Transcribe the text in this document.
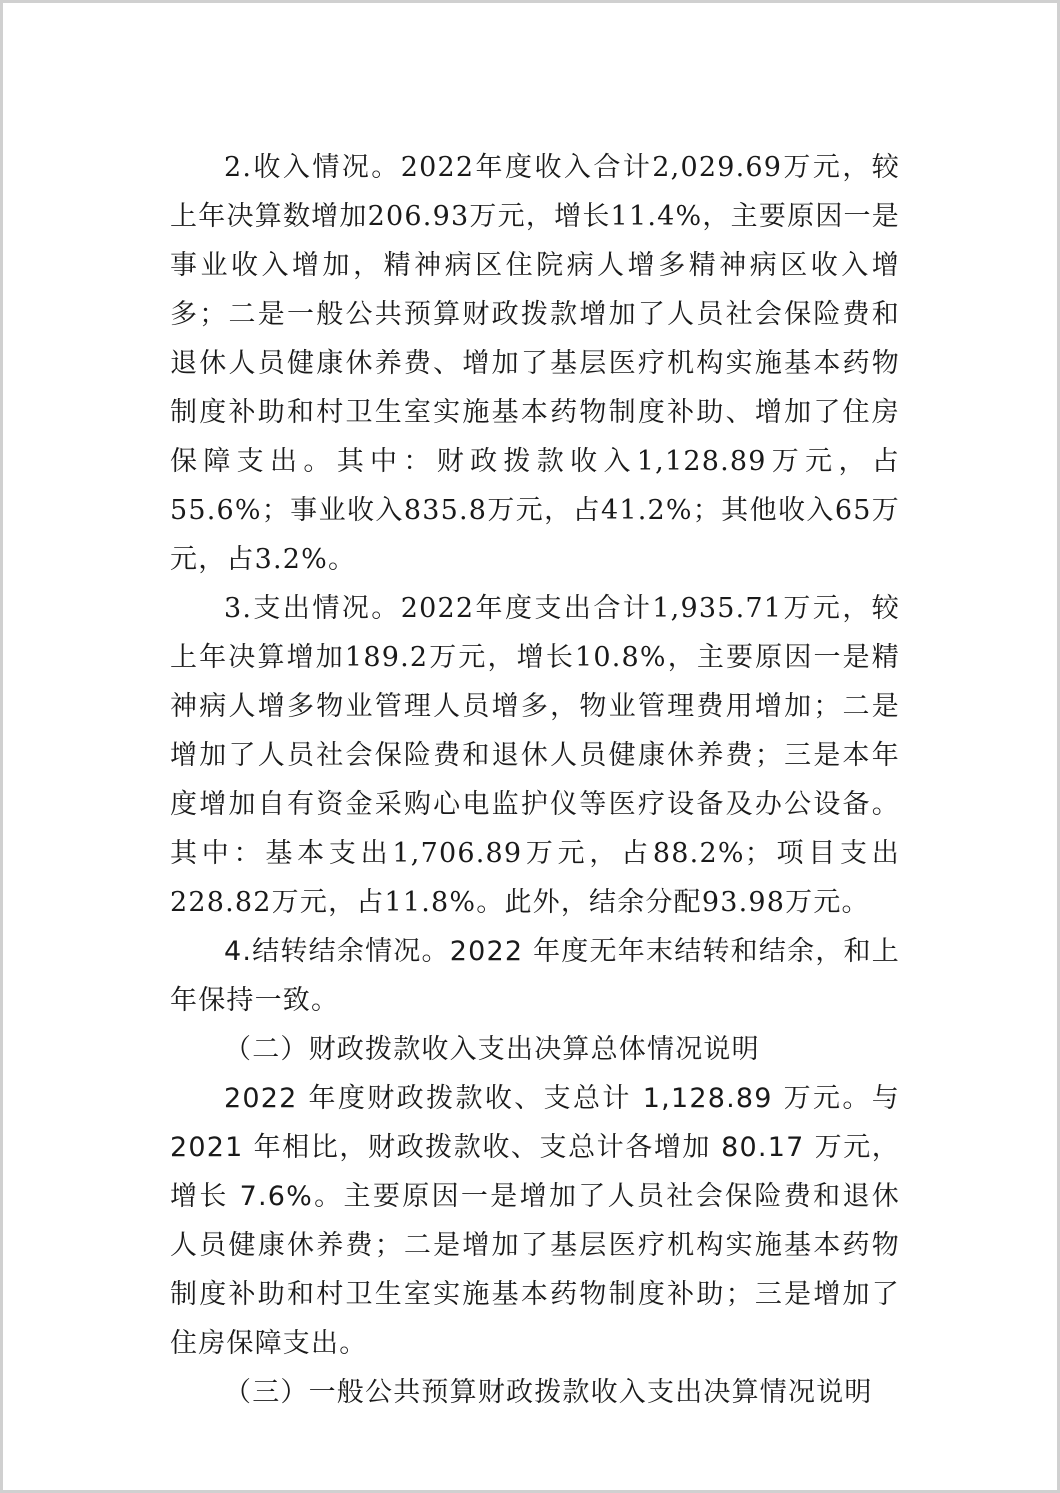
2.收入情况。2022年度收入合计2,029.69万元，较上年决算数增加206.93万元，增长11.4%，主要原因一是事业收入增加，精神病区住院病人增多精神病区收入增多；二是一般公共预算财政拨款增加了人员社会保险费和退休人员健康休养费、增加了基层医疗机构实施基本药物制度补助和村卫生室实施基本药物制度补助、增加了住房保障支出。其中：财政拨款收入1,128.89万元，占55.6%；事业收入835.8万元，占41.2%；其他收入65万元，占3.2%。

3.支出情况。2022年度支出合计1,935.71万元，较上年决算增加189.2万元，增长10.8%，主要原因一是精神病人增多物业管理人员增多，物业管理费用增加；二是增加了人员社会保险费和退休人员健康休养费；三是本年度增加自有资金采购心电监护仪等医疗设备及办公设备。其中：基本支出1,706.89万元，占88.2%；项目支出228.82万元，占11.8%。此外，结余分配93.98万元。

4.结转结余情况。2022 年度无年末结转和结余，和上年保持一致。

（二）财政拨款收入支出决算总体情况说明

2022 年度财政拨款收、支总计 1,128.89 万元。与 2021 年相比，财政拨款收、支总计各增加 80.17 万元，增长 7.6%。主要原因一是增加了人员社会保险费和退休人员健康休养费；二是增加了基层医疗机构实施基本药物制度补助和村卫生室实施基本药物制度补助；三是增加了住房保障支出。

（三）一般公共预算财政拨款收入支出决算情况说明
